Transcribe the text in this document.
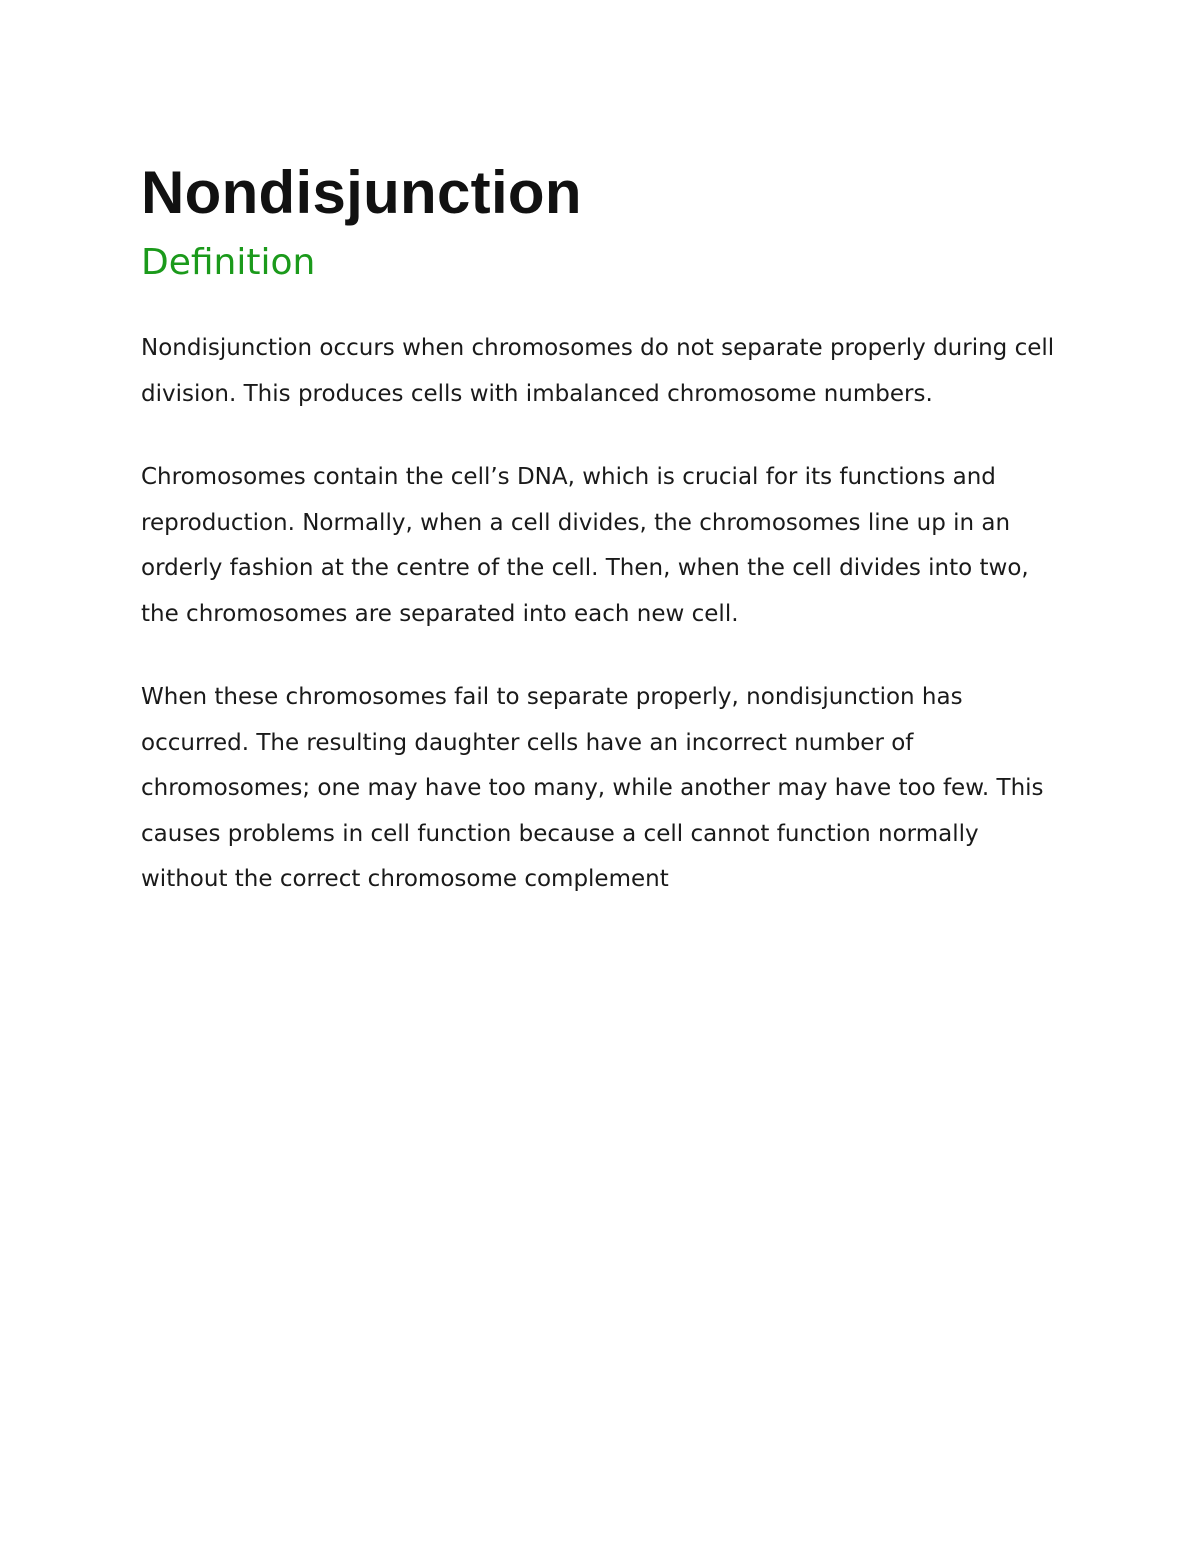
Nondisjunction
Definition

Nondisjunction occurs when chromosomes do not separate properly during cell division. This produces cells with imbalanced chromosome numbers.

Chromosomes contain the cell’s DNA, which is crucial for its functions and reproduction. Normally, when a cell divides, the chromosomes line up in an orderly fashion at the centre of the cell. Then, when the cell divides into two, the chromosomes are separated into each new cell.

When these chromosomes fail to separate properly, nondisjunction has occurred. The resulting daughter cells have an incorrect number of chromosomes; one may have too many, while another may have too few. This causes problems in cell function because a cell cannot function normally without the correct chromosome complement
